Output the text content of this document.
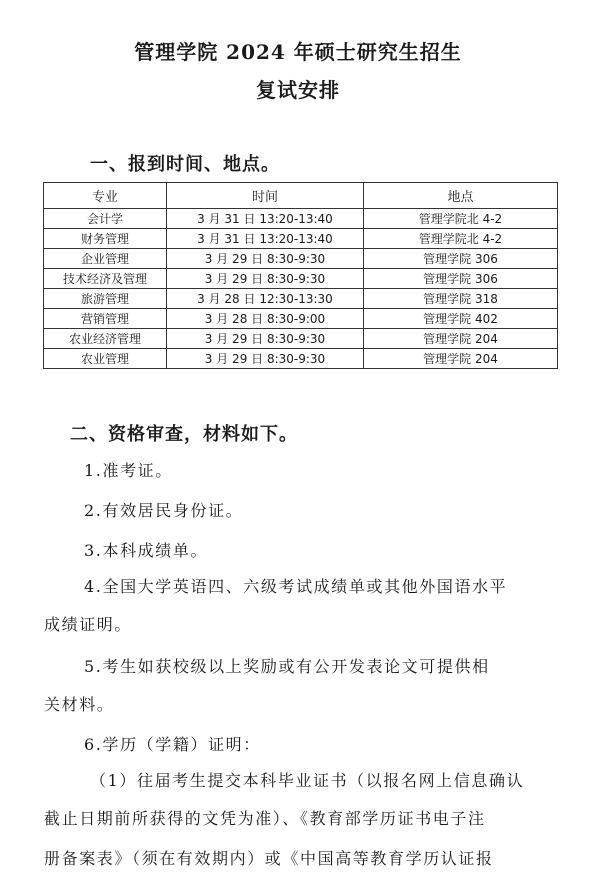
管理学院 2024 年硕士研究生招生
复试安排
一、报到时间、地点。
专业	时间	地点
会计学	3 月 31 日 13:20-13:40	管理学院北 4-2
财务管理	3 月 31 日 13:20-13:40	管理学院北 4-2
企业管理	3 月 29 日 8:30-9:30	管理学院 306
技术经济及管理	3 月 29 日 8:30-9:30	管理学院 306
旅游管理	3 月 28 日 12:30-13:30	管理学院 318
营销管理	3 月 28 日 8:30-9:00	管理学院 402
农业经济管理	3 月 29 日 8:30-9:30	管理学院 204
农业管理	3 月 29 日 8:30-9:30	管理学院 204
二、资格审查，材料如下。
1.准考证。
2.有效居民身份证。
3.本科成绩单。
4.全国大学英语四、六级考试成绩单或其他外国语水平
成绩证明。
5.考生如获校级以上奖励或有公开发表论文可提供相
关材料。
6.学历（学籍）证明：
（1）往届考生提交本科毕业证书（以报名网上信息确认
截止日期前所获得的文凭为准）、《教育部学历证书电子注
册备案表》（须在有效期内）或《中国高等教育学历认证报
